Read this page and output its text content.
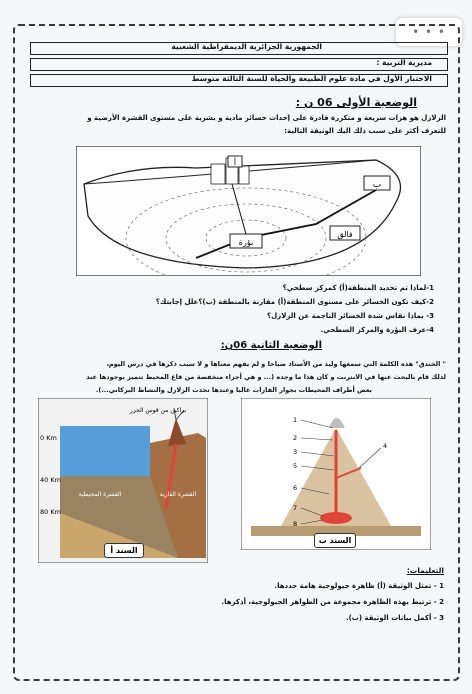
• • •
الجمهورية الجزائرية الديمقراطية الشعبية
مديرية التربية :
الاختبار الأول في مادة علوم الطبيعة والحياة للسنة الثالثة متوسط
الوضعية الأولى 06 ن :
الزلازل هو هزات سريعة و متكررة قادرة على إحداث خسائر مادية و بشرية على مستوى القشرة الأرضية و
للتعرف أكثر على سبب ذلك اليك الوثيقة التالية:
أ
ب
بؤرة
فالق
1-لماذا تم تحديد المنطقة(أ) كمركز سطحي؟
2-كيف تكون الخسائر على مستوى المنطقة(أ) مقارنة بالمنطقة (ب)؟علل إجابتك؟
3- بماذا نقاس شدة الخسائر الناجمة عن الزلازل؟
4-عرف البؤرة والمركز السطحي.
الوضعية الثانية 06ن:
" الخندق" هذه الكلمة التي سمعها وليد من الأستاذ صباحا و لم يفهم معناها و لا سبب ذكرها في درس اليوم،
لذلك قام بالبحث عنها في الانترنت و كان هذا ما وجده (... و هي أجزاء منخفضة من قاع المحيط تتميز بوجودها عند
بعض أطراف المحيطات بجوار القارات غالبا وعندها تحدث الزلازل والنشاط البركاني...).
براكين من قوس الجزر
القشرة المحيطية	القشرة القارية
0 Km
40 Km
80 Km
السند أ
1
2
3
4
5
6
7
8
السند ب
التعليمات:
1 - تمثل الوثيقة (أ) ظاهرة جيولوجية هامة حددها.
2 - ترتبط بهذه الظاهرة مجموعة من الظواهر الجيولوجية، أذكرها.
3 - أكمل بيانات الوثيقة (ب).
